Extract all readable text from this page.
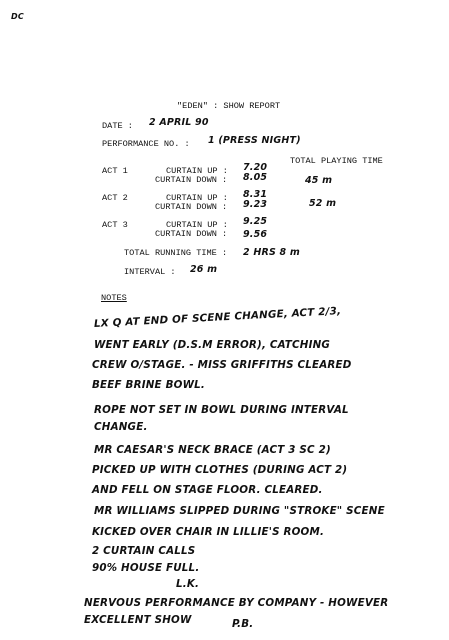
DC
"EDEN" : SHOW REPORT
DATE : 2 APRIL 90
PERFORMANCE NO. : 1 (PRESS NIGHT)
TOTAL PLAYING TIME
ACT 1	CURTAIN UP : 7.20
CURTAIN DOWN : 8.05	45 m
ACT 2	CURTAIN UP : 8.31
CURTAIN DOWN : 9.23	52 m
ACT 3	CURTAIN UP : 9.25
CURTAIN DOWN : 9.56
TOTAL RUNNING TIME : 2 HRS 8 m
INTERVAL : 26 m
NOTES
LX Q AT END OF SCENE CHANGE, ACT 2/3,
WENT EARLY (D.S.M ERROR), CATCHING
CREW O/STAGE. - MISS GRIFFITHS CLEARED
BEEF BRINE BOWL.
ROPE NOT SET IN BOWL DURING INTERVAL
CHANGE.
MR CAESAR'S NECK BRACE (ACT 3 SC 2)
PICKED UP WITH CLOTHES (DURING ACT 2)
AND FELL ON STAGE FLOOR. CLEARED.
MR WILLIAMS SLIPPED DURING "STROKE" SCENE
KICKED OVER CHAIR IN LILLIE'S ROOM.
2 CURTAIN CALLS
90% HOUSE FULL.
L.K.
NERVOUS PERFORMANCE BY COMPANY - HOWEVER
EXCELLENT SHOW	P.B.
